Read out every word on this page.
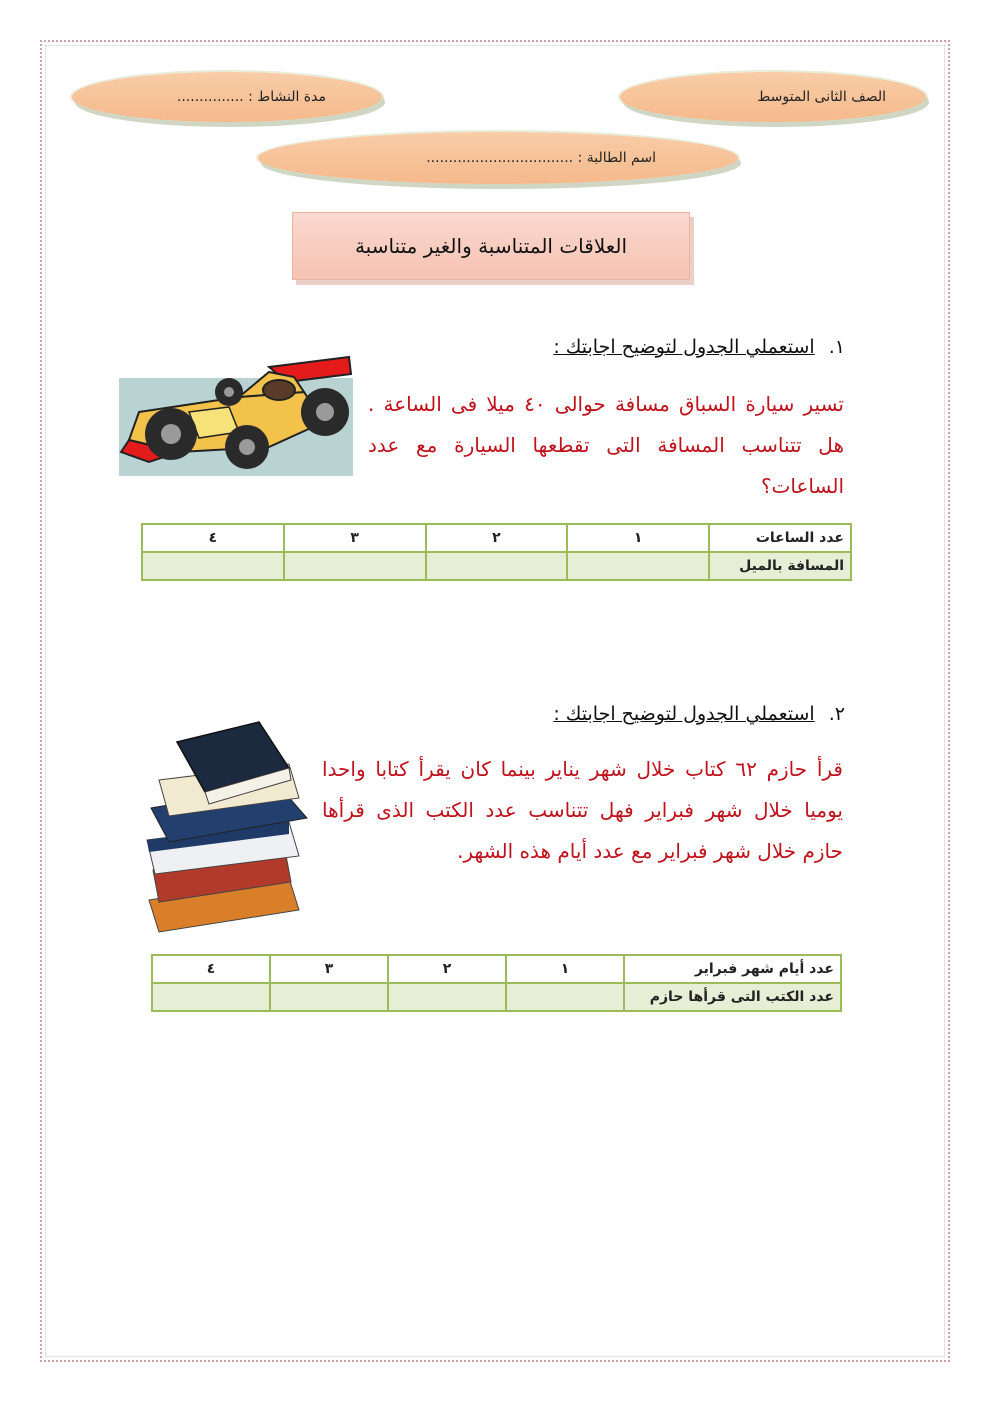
الصف الثانى المتوسط
مدة النشاط : ...............
اسم الطالبة : .................................
العلاقات المتناسبة والغير متناسبة
١. استعملي الجدول لتوضيح اجابتك :
تسير سيارة السباق مسافة حوالى ٤٠ ميلا فى الساعة . هل تتناسب المسافة التى تقطعها السيارة مع عدد الساعات؟
عدد الساعات	١	٢	٣	٤
المسافة بالميل				
٢. استعملي الجدول لتوضيح اجابتك :
قرأ حازم ٦٢ كتاب خلال شهر يناير بينما كان يقرأ كتابا واحدا يوميا خلال شهر فبراير فهل تتناسب عدد الكتب الذى قرأها حازم خلال شهر فبراير مع عدد أيام هذه الشهر.
عدد أيام شهر فبراير	١	٢	٣	٤
عدد الكتب التى قرأها حازم				
